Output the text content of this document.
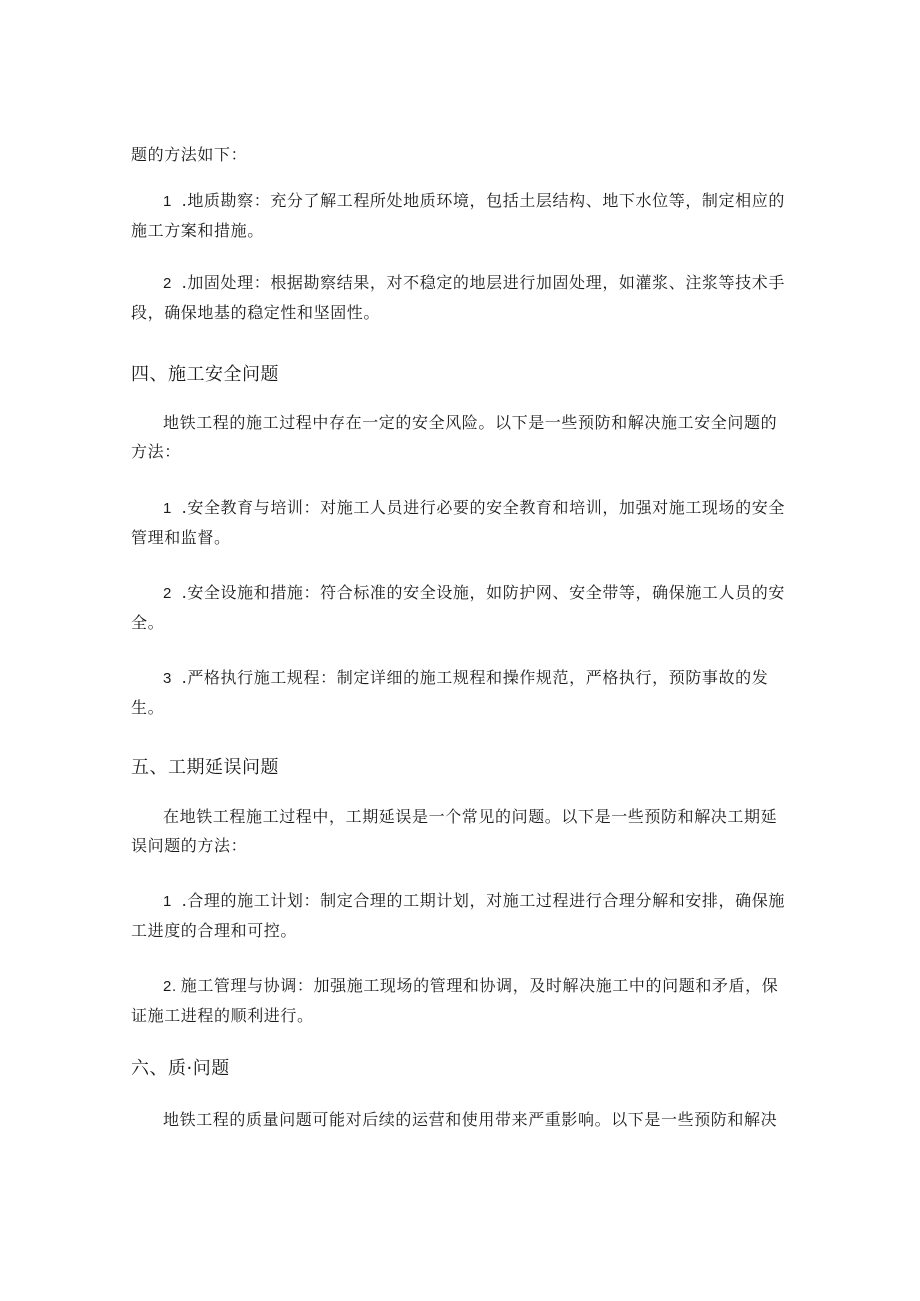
题的方法如下：

1 .地质勘察：充分了解工程所处地质环境，包括土层结构、地下水位等，制定相应的施工方案和措施。

2 .加固处理：根据勘察结果，对不稳定的地层进行加固处理，如灌浆、注浆等技术手段，确保地基的稳定性和坚固性。

四、施工安全问题

地铁工程的施工过程中存在一定的安全风险。以下是一些预防和解决施工安全问题的方法：

1 .安全教育与培训：对施工人员进行必要的安全教育和培训，加强对施工现场的安全管理和监督。

2 .安全设施和措施：符合标准的安全设施，如防护网、安全带等，确保施工人员的安全。

3 .严格执行施工规程：制定详细的施工规程和操作规范，严格执行，预防事故的发生。

五、工期延误问题

在地铁工程施工过程中，工期延误是一个常见的问题。以下是一些预防和解决工期延误问题的方法：

1 .合理的施工计划：制定合理的工期计划，对施工过程进行合理分解和安排，确保施工进度的合理和可控。

2. 施工管理与协调：加强施工现场的管理和协调，及时解决施工中的问题和矛盾，保证施工进程的顺利进行。

六、质·问题

地铁工程的质量问题可能对后续的运营和使用带来严重影响。以下是一些预防和解决
